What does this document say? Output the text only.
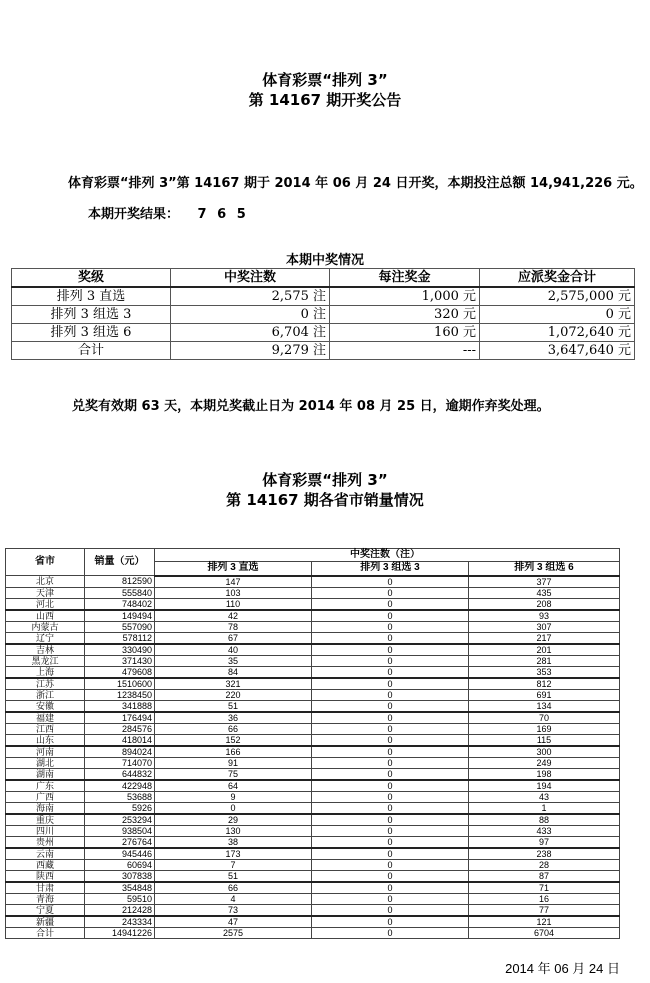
体育彩票“排列 3”
第 14167 期开奖公告
体育彩票“排列 3”第 14167 期于 2014 年 06 月 24 日开奖，本期投注总额 14,941,226 元。
本期开奖结果： 7 6 5
本期中奖情况
奖级	中奖注数	每注奖金	应派奖金合计
排列 3 直选	2,575 注	1,000 元	2,575,000 元
排列 3 组选 3	0 注	320 元	0 元
排列 3 组选 6	6,704 注	160 元	1,072,640 元
合计	9,279 注	---	3,647,640 元
兑奖有效期 63 天，本期兑奖截止日为 2014 年 08 月 25 日，逾期作弃奖处理。
体育彩票“排列 3”
第 14167 期各省市销量情况
省市	销量（元）	中奖注数（注）		
		排列 3 直选	排列 3 组选 3	排列 3 组选 6
北京	812590	147	0	377
天津	555840	103	0	435
河北	748402	110	0	208
山西	149494	42	0	93
内蒙古	557090	78	0	307
辽宁	578112	67	0	217
吉林	330490	40	0	201
黑龙江	371430	35	0	281
上海	479608	84	0	353
江苏	1510600	321	0	812
浙江	1238450	220	0	691
安徽	341888	51	0	134
福建	176494	36	0	70
江西	284576	66	0	169
山东	418014	152	0	115
河南	894024	166	0	300
湖北	714070	91	0	249
湖南	644832	75	0	198
广东	422948	64	0	194
广西	53688	9	0	43
海南	5926	0	0	1
重庆	253294	29	0	88
四川	938504	130	0	433
贵州	276764	38	0	97
云南	945446	173	0	238
西藏	60694	7	0	28
陕西	307838	51	0	87
甘肃	354848	66	0	71
青海	59510	4	0	16
宁夏	212428	73	0	77
新疆	243334	47	0	121
合计	14941226	2575	0	6704
2014 年 06 月 24 日
